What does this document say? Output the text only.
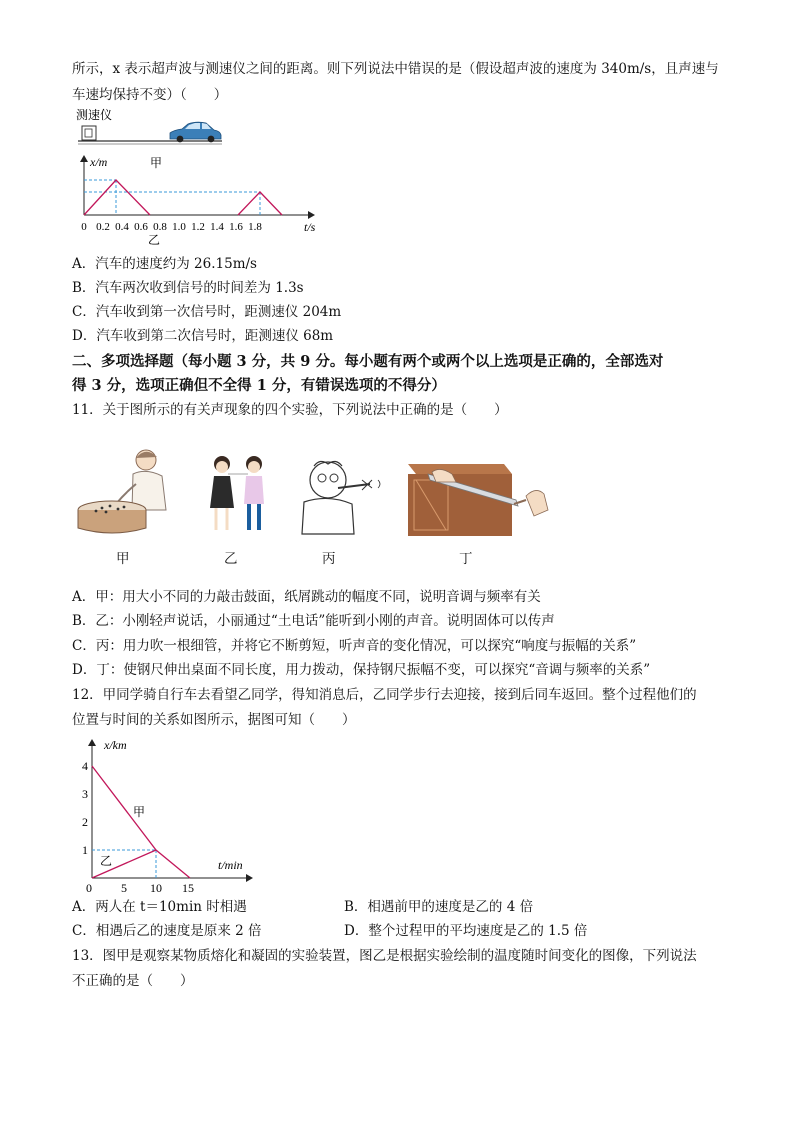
所示，x 表示超声波与测速仪之间的距离。则下列说法中错误的是（假设超声波的速度为 340m/s，且声速与
车速均保持不变）（　　）
测速仪
x/m	甲
0 0.2 0.4 0.6 0.8 1.0 1.2 1.4 1.6 1.8	t/s
乙
A．汽车的速度约为 26.15m/s
B．汽车两次收到信号的时间差为 1.3s
C．汽车收到第一次信号时，距测速仪 204m
D．汽车收到第二次信号时，距测速仪 68m
二、多项选择题（每小题 3 分，共 9 分。每小题有两个或两个以上选项是正确的，全部选对
得 3 分，选项正确但不全得 1 分，有错误选项的不得分）
11．关于图所示的有关声现象的四个实验，下列说法中正确的是（　　）
甲	乙	丙	丁
A．甲：用大小不同的力敲击鼓面，纸屑跳动的幅度不同，说明音调与频率有关
B．乙：小刚轻声说话，小丽通过“土电话”能听到小刚的声音。说明固体可以传声
C．丙：用力吹一根细管，并将它不断剪短，听声音的变化情况，可以探究“响度与振幅的关系”
D．丁：使钢尺伸出桌面不同长度，用力拨动，保持钢尺振幅不变，可以探究“音调与频率的关系”
12．甲同学骑自行车去看望乙同学，得知消息后，乙同学步行去迎接，接到后同车返回。整个过程他们的
位置与时间的关系如图所示，据图可知（　　）
x/km
t/min
甲
乙
1
2
3
4
0 5 10 15
A．两人在 t＝10min 时相遇	B．相遇前甲的速度是乙的 4 倍
C．相遇后乙的速度是原来 2 倍	D．整个过程甲的平均速度是乙的 1.5 倍
13．图甲是观察某物质熔化和凝固的实验装置，图乙是根据实验绘制的温度随时间变化的图像，下列说法
不正确的是（　　）
